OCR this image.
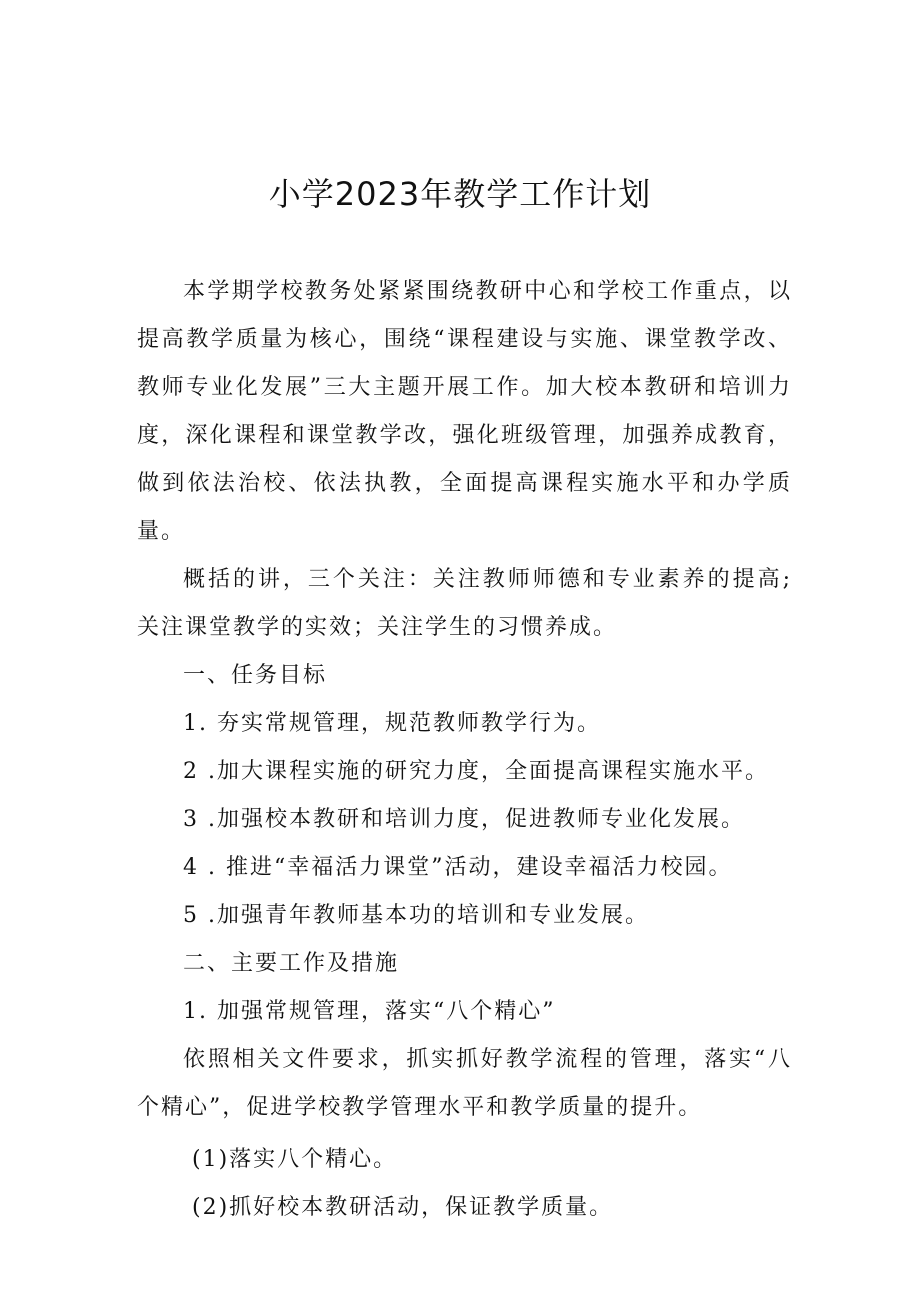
小学2023年教学工作计划

本学期学校教务处紧紧围绕教研中心和学校工作重点，以提高教学质量为核心，围绕“课程建设与实施、课堂教学改、教师专业化发展”三大主题开展工作。加大校本教研和培训力度，深化课程和课堂教学改，强化班级管理，加强养成教育，做到依法治校、依法执教，全面提高课程实施水平和办学质量。

概括的讲，三个关注：关注教师师德和专业素养的提高;关注课堂教学的实效；关注学生的习惯养成。

一、任务目标

1. 夯实常规管理，规范教师教学行为。

2 .加大课程实施的研究力度，全面提高课程实施水平。

3 .加强校本教研和培训力度，促进教师专业化发展。

4 . 推进“幸福活力课堂”活动，建设幸福活力校园。

5 .加强青年教师基本功的培训和专业发展。

二、主要工作及措施

1. 加强常规管理，落实“八个精心”

依照相关文件要求，抓实抓好教学流程的管理，落实“八个精心”，促进学校教学管理水平和教学质量的提升。

(1)落实八个精心。

(2)抓好校本教研活动，保证教学质量。
